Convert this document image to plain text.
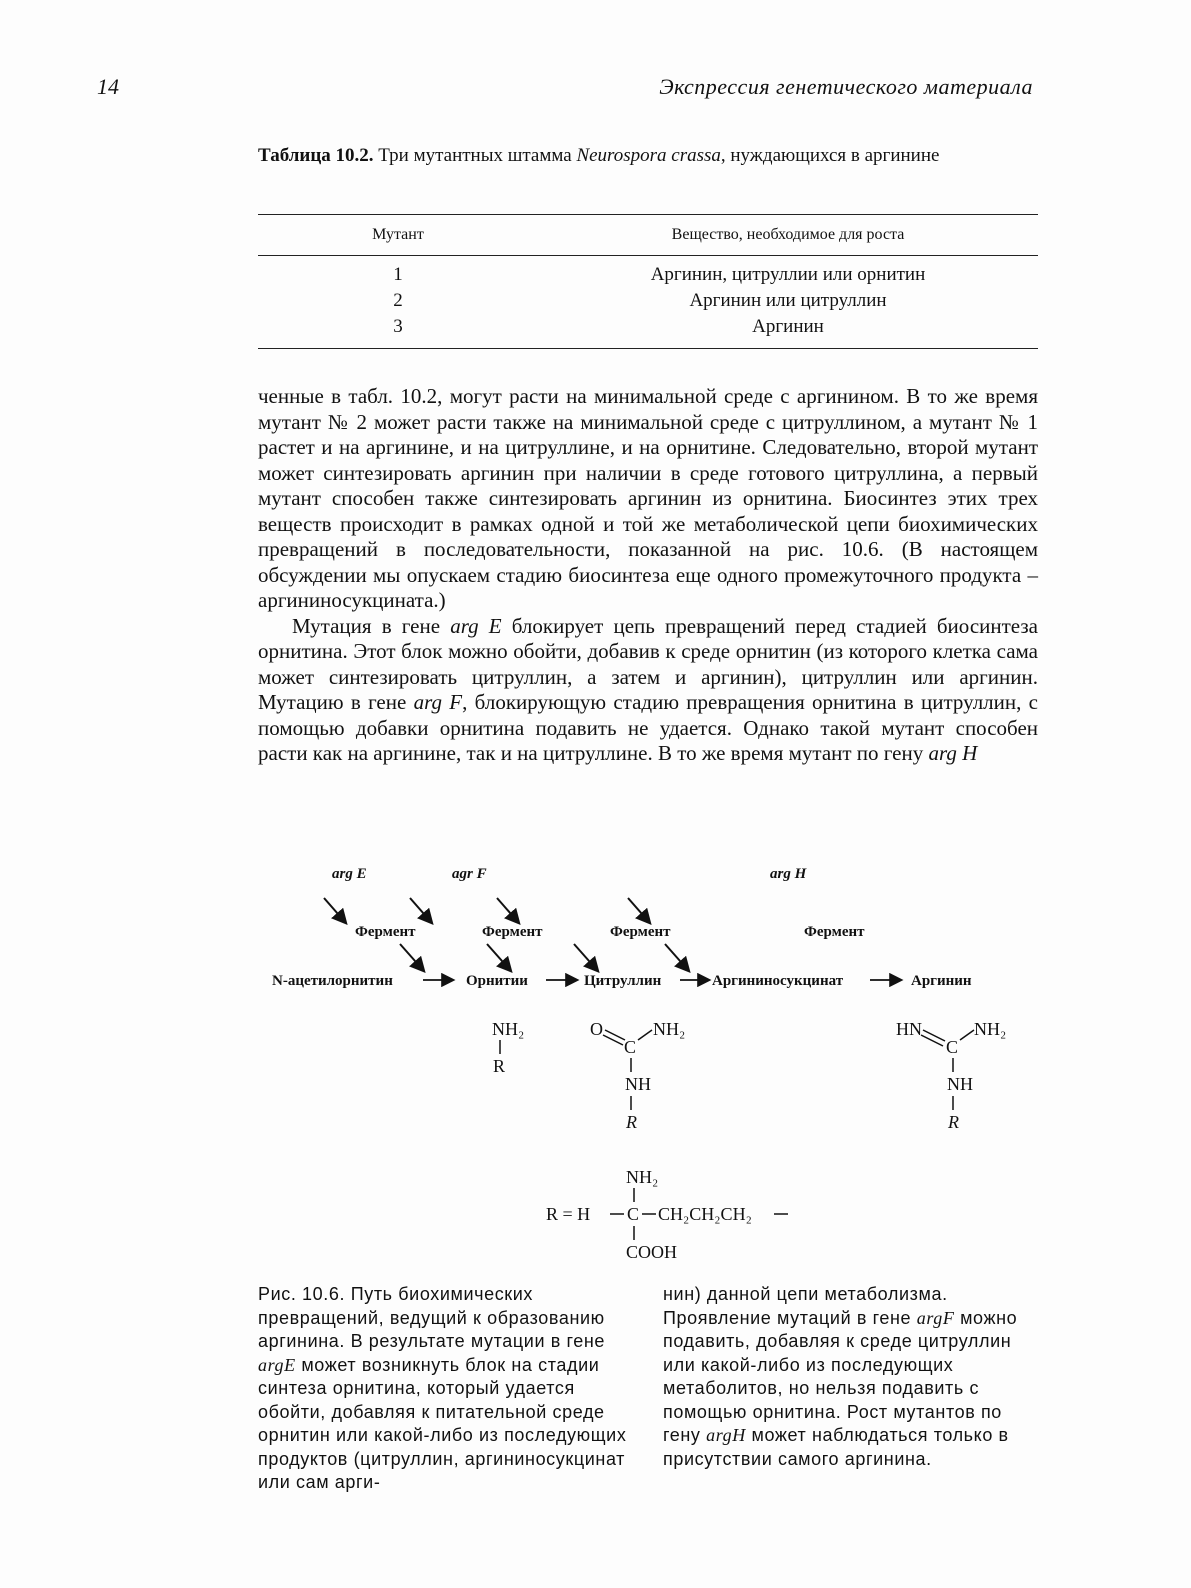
14	Экспрессия генетического материала
Таблица 10.2. Три мутантных штамма Neurospora crassa, нуждающихся в аргинине
Мутант	Вещество, необходимое для роста
1	Аргинин, цитруллии или орнитин
2	Аргинин или цитруллин
3	Аргинин

ченные в табл. 10.2, могут расти на минимальной среде с аргинином. В то же время мутант № 2 может расти также на минимальной среде с цитруллином, а мутант № 1 растет и на аргинине, и на цитруллине, и на орнитине. Следовательно, второй мутант может синтезировать аргинин при наличии в среде готового цитруллина, а первый мутант способен также синтезировать аргинин из орнитина. Биосинтез этих трех веществ происходит в рамках одной и той же метаболической цепи биохимических превращений в последовательности, показанной на рис. 10.6. (В настоящем обсуждении мы опускаем стадию биосинтеза еще одного промежуточного продукта – аргининосукцината.)

Мутация в гене arg E блокирует цепь превращений перед стадией биосинтеза орнитина. Этот блок можно обойти, добавив к среде орнитин (из которого клетка сама может синтезировать цитруллин, а затем и аргинин), цитруллин или аргинин. Мутацию в гене arg F, блокирующую стадию превращения орнитина в цитруллин, с помощью добавки орнитина подавить не удается. Однако такой мутант способен расти как на аргинине, так и на цитруллине. В то же время мутант по гену arg H

arg E	agr F	arg H
Фермент	Фермент	Фермент	Фермент
N-ацетилорнитин	Орнитии	Цитруллин	Аргининосукцинат	Аргинин
NH₂
R
O
C
NH₂
NH
R
HN
C
NH₂
NH
R
NH₂
R = H C CH₂CH₂CH₂
COOH
Рис. 10.6. Путь биохимических превращений, ведущий к образованию аргинина. В результате мутации в гене argE может возникнуть блок на стадии синтеза орнитина, который удается обойти, добавляя к питательной среде орнитин или какой-либо из последующих продуктов (цитруллин, аргининосукцинат или сам арги-
нин) данной цепи метаболизма. Проявление мутаций в гене argF можно подавить, добавляя к среде цитруллин или какой-либо из последующих метаболитов, но нельзя подавить с помощью орнитина. Рост мутантов по гену argH может наблюдаться только в присутствии самого аргинина.
